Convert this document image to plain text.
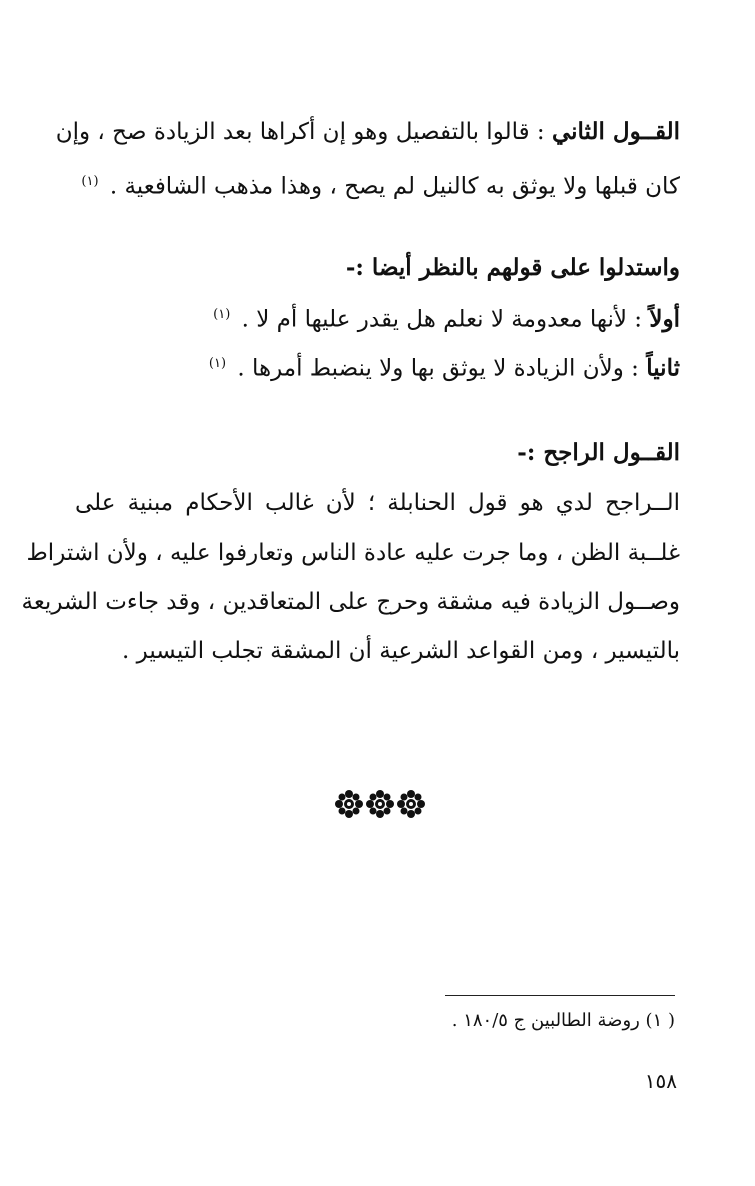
القــول الثاني : قالوا بالتفصيل وهو إن أكراها بعد الزيادة صح ، وإن
كان قبلها ولا يوثق به كالنيل لم يصح ، وهذا مذهب الشافعية . $^{(١)}$
واستدلوا على قولهم بالنظر أيضا :-
أولاً : لأنها معدومة لا نعلم هل يقدر عليها أم لا . $^{(١)}$
ثانياً : ولأن الزيادة لا يوثق بها ولا ينضبط أمرها . $^{(١)}$
القــول الراجح :-
الــراجح لدي هو قول الحنابلة ؛ لأن غالب الأحكام مبنية على
غلــبة الظن ، وما جرت عليه عادة الناس وتعارفوا عليه ، ولأن اشتراط
وصــول الزيادة فيه مشقة وحرج على المتعاقدين ، وقد جاءت الشريعة
بالتيسير ، ومن القواعد الشرعية أن المشقة تجلب التيسير .
( ١) روضة الطالبين ج ١٨٠/٥ .
١٥٨
